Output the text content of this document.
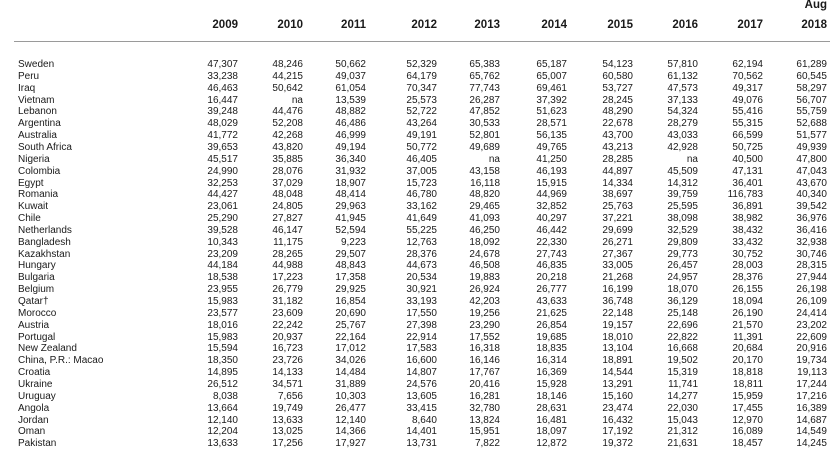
Aug
2009	2010	2011	2012	2013	2014	2015	2016	2017	2018
Sweden	47,307	48,246	50,662	52,329	65,383	65,187	54,123	57,810	62,194	61,289
Peru	33,238	44,215	49,037	64,179	65,762	65,007	60,580	61,132	70,562	60,545
Iraq	46,463	50,642	61,054	70,347	77,743	69,461	53,727	47,573	49,317	58,297
Vietnam	16,447	na	13,539	25,573	26,287	37,392	28,245	37,133	49,076	56,707
Lebanon	39,248	44,476	48,882	52,722	47,852	51,623	48,290	54,324	55,416	55,759
Argentina	48,029	52,208	46,486	43,264	30,533	28,571	22,678	28,279	55,315	52,688
Australia	41,772	42,268	46,999	49,191	52,801	56,135	43,700	43,033	66,599	51,577
South Africa	39,653	43,820	49,194	50,772	49,689	49,765	43,213	42,928	50,725	49,939
Nigeria	45,517	35,885	36,340	46,405	na	41,250	28,285	na	40,500	47,800
Colombia	24,990	28,076	31,932	37,005	43,158	46,193	44,897	45,509	47,131	47,043
Egypt	32,253	37,029	18,907	15,723	16,118	15,915	14,334	14,312	36,401	43,670
Romania	44,427	48,048	48,414	46,780	48,820	44,969	38,697	39,759	116,783	40,340
Kuwait	23,061	24,805	29,963	33,162	29,465	32,852	25,763	25,595	36,891	39,542
Chile	25,290	27,827	41,945	41,649	41,093	40,297	37,221	38,098	38,982	36,976
Netherlands	39,528	46,147	52,594	55,225	46,250	46,442	29,699	32,529	38,432	36,416
Bangladesh	10,343	11,175	9,223	12,763	18,092	22,330	26,271	29,809	33,432	32,938
Kazakhstan	23,209	28,265	29,507	28,376	24,678	27,743	27,367	29,773	30,752	30,746
Hungary	44,184	44,988	48,843	44,673	46,508	46,835	33,005	26,457	28,003	28,315
Bulgaria	18,538	17,223	17,358	20,534	19,883	20,218	21,268	24,957	28,376	27,944
Belgium	23,955	26,779	29,925	30,921	26,924	26,777	16,199	18,070	26,155	26,198
Qatar†	15,983	31,182	16,854	33,193	42,203	43,633	36,748	36,129	18,094	26,109
Morocco	23,577	23,609	20,690	17,550	19,256	21,625	22,148	25,148	26,190	24,414
Austria	18,016	22,242	25,767	27,398	23,290	26,854	19,157	22,696	21,570	23,202
Portugal	15,983	20,937	22,164	22,914	17,552	19,685	18,010	22,822	11,391	22,609
New Zealand	15,594	16,723	17,012	17,583	16,318	18,835	13,104	16,668	20,684	20,916
China, P.R.: Macao	18,350	23,726	34,026	16,600	16,146	16,314	18,891	19,502	20,170	19,734
Croatia	14,895	14,133	14,484	14,807	17,767	16,369	14,544	15,319	18,818	19,113
Ukraine	26,512	34,571	31,889	24,576	20,416	15,928	13,291	11,741	18,811	17,244
Uruguay	8,038	7,656	10,303	13,605	16,281	18,146	15,160	14,277	15,959	17,216
Angola	13,664	19,749	26,477	33,415	32,780	28,631	23,474	22,030	17,455	16,389
Jordan	12,140	13,633	12,140	8,640	13,824	16,481	16,432	15,043	12,970	14,687
Oman	12,204	13,025	14,366	14,401	15,951	18,097	17,192	21,312	16,089	14,549
Pakistan	13,633	17,256	17,927	13,731	7,822	12,872	19,372	21,631	18,457	14,245
